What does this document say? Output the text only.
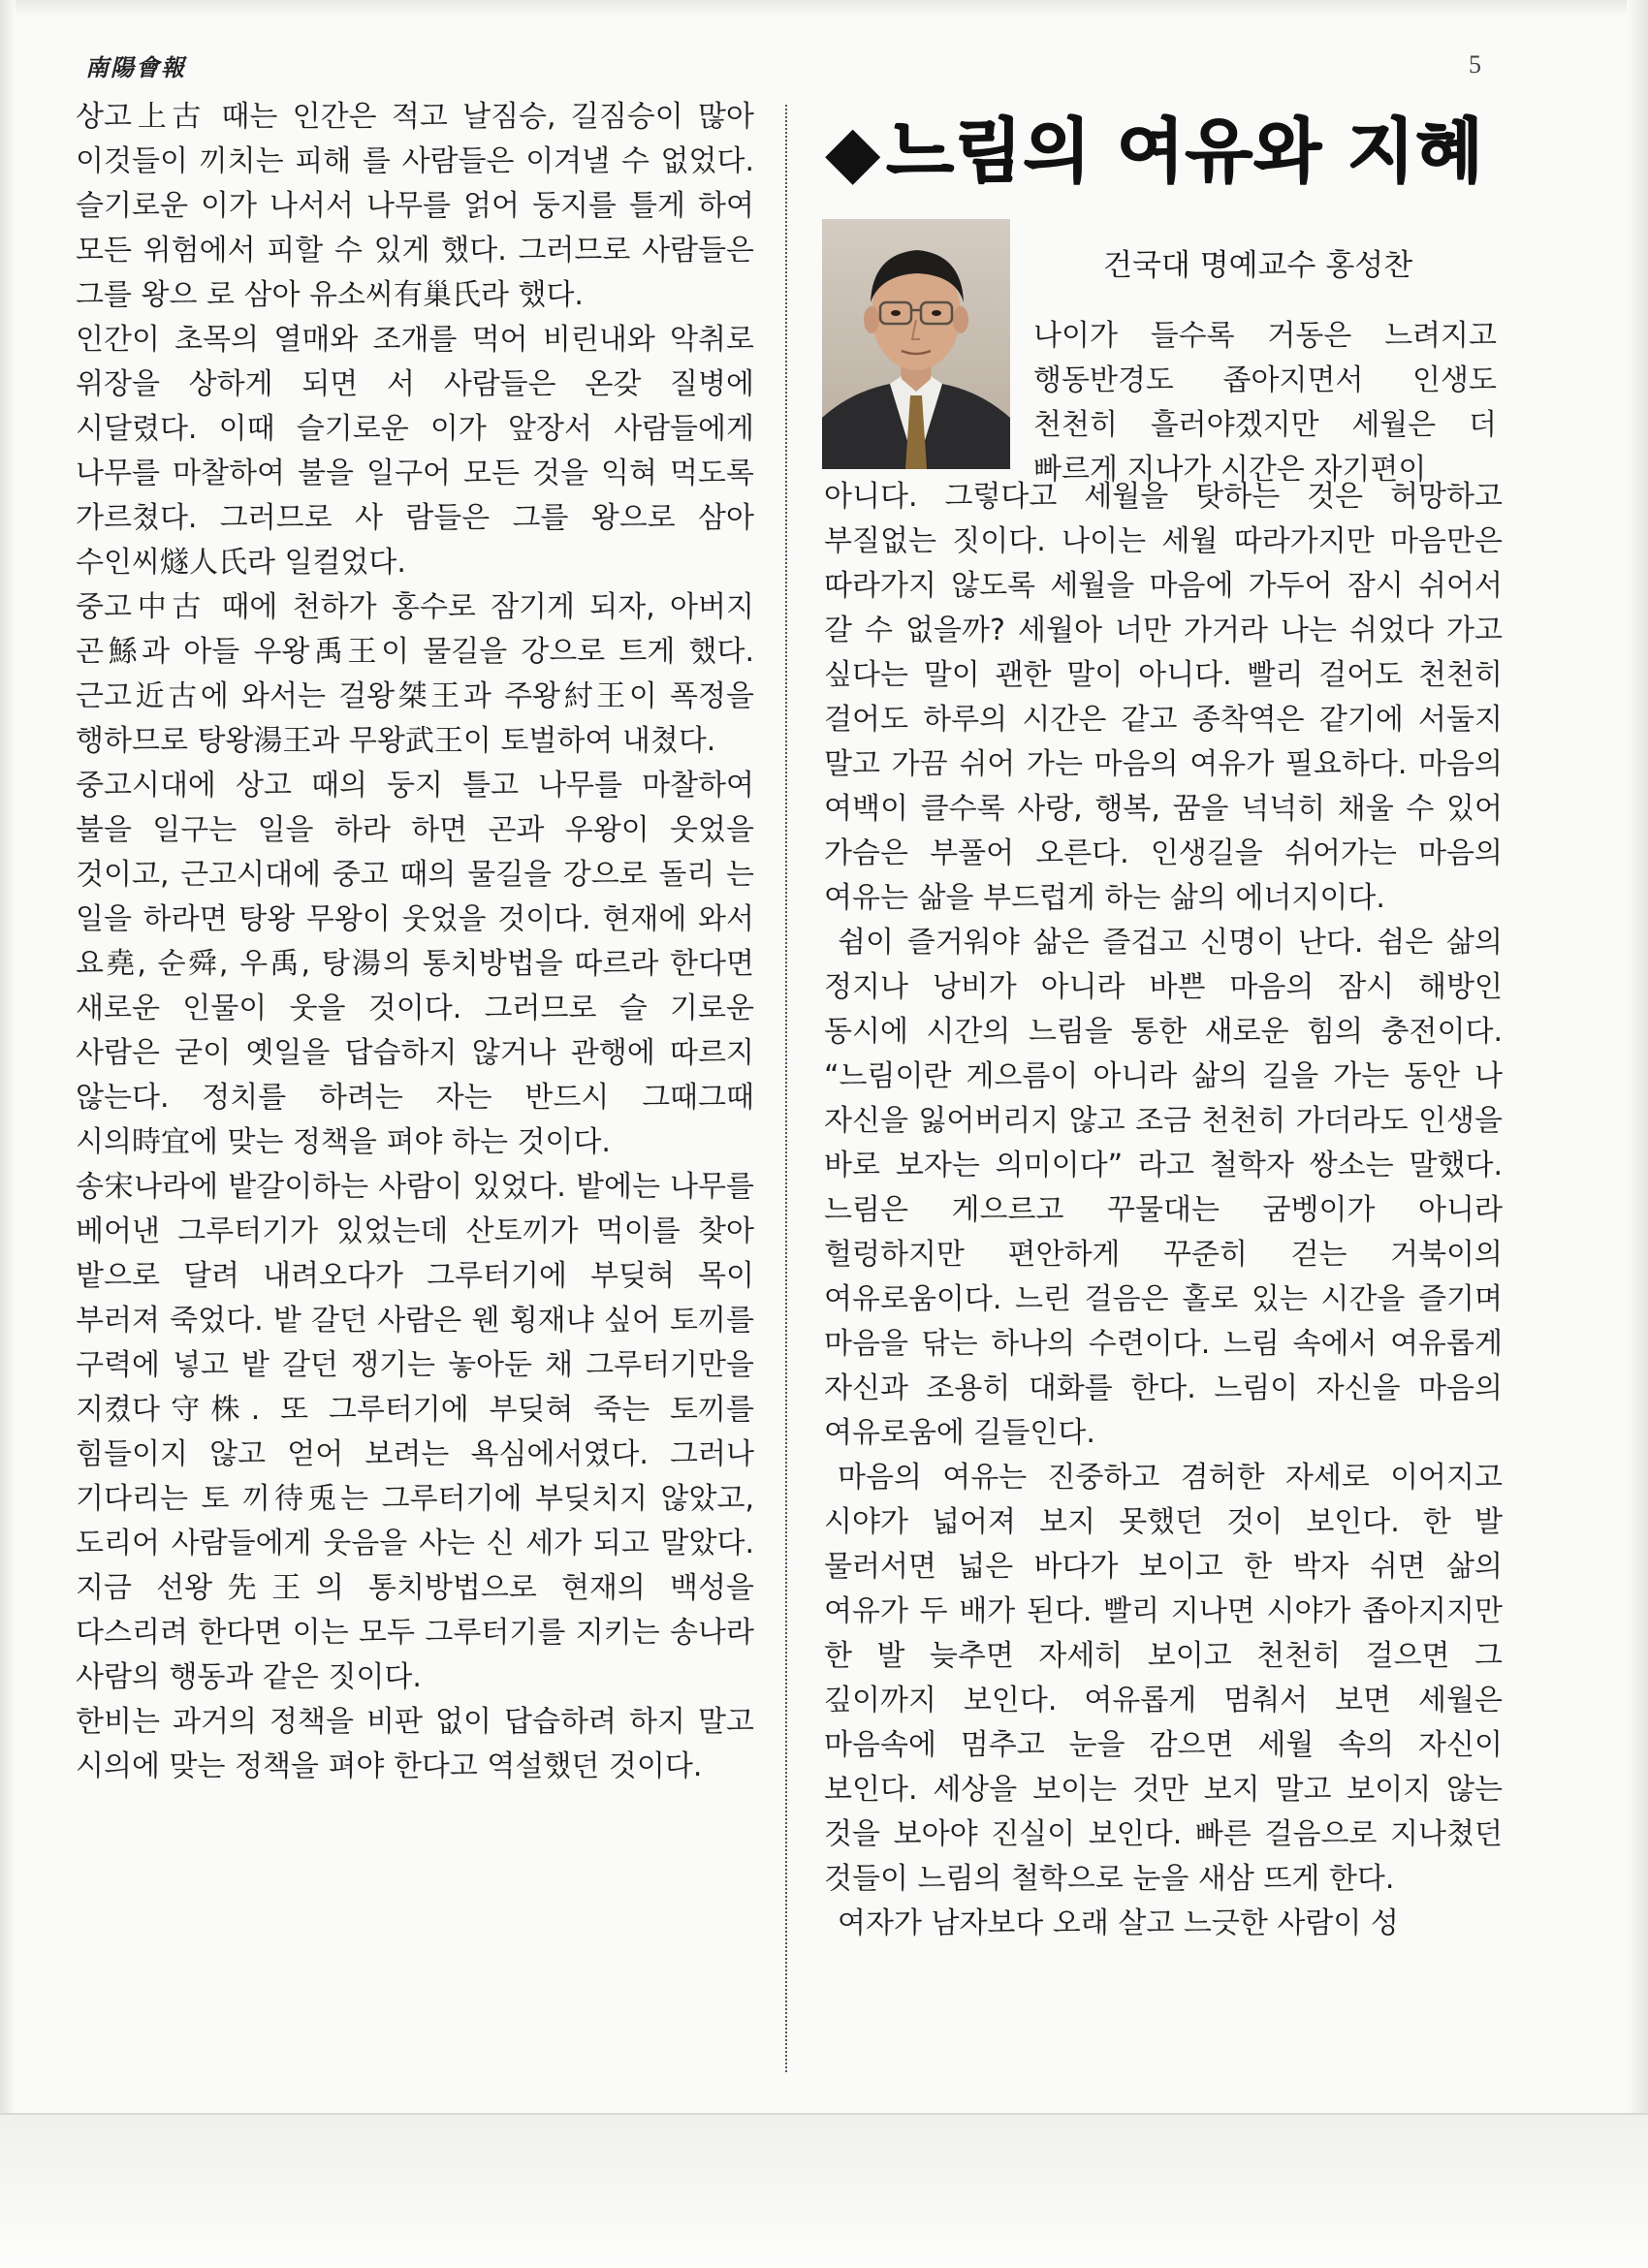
南陽會報	5

상고上古 때는 인간은 적고 날짐승, 길짐승이 많아 이것들이 끼치는 피해 를 사람들은 이겨낼 수 없었다. 슬기로운 이가 나서서 나무를 얽어 둥지를 틀게 하여 모든 위험에서 피할 수 있게 했다. 그러므로 사람들은 그를 왕으 로 삼아 유소씨有巢氏라 했다.

인간이 초목의 열매와 조개를 먹어 비린내와 악취로 위장을 상하게 되면 서 사람들은 온갖 질병에 시달렸다. 이때 슬기로운 이가 앞장서 사람들에게 나무를 마찰하여 불을 일구어 모든 것을 익혀 먹도록 가르쳤다. 그러므로 사 람들은 그를 왕으로 삼아 수인씨燧人氏라 일컬었다.

중고中古 때에 천하가 홍수로 잠기게 되자, 아버지 곤鯀과 아들 우왕禹王이 물길을 강으로 트게 했다. 근고近古에 와서는 걸왕桀王과 주왕紂王이 폭정을 행하므로 탕왕湯王과 무왕武王이 토벌하여 내쳤다.

중고시대에 상고 때의 둥지 틀고 나무를 마찰하여 불을 일구는 일을 하라 하면 곤과 우왕이 웃었을 것이고, 근고시대에 중고 때의 물길을 강으로 돌리 는 일을 하라면 탕왕 무왕이 웃었을 것이다. 현재에 와서 요堯, 순舜, 우禹, 탕湯의 통치방법을 따르라 한다면 새로운 인물이 웃을 것이다. 그러므로 슬 기로운 사람은 굳이 옛일을 답습하지 않거나 관행에 따르지 않는다. 정치를 하려는 자는 반드시 그때그때 시의時宜에 맞는 정책을 펴야 하는 것이다.

송宋나라에 밭갈이하는 사람이 있었다. 밭에는 나무를 베어낸 그루터기가 있었는데 산토끼가 먹이를 찾아 밭으로 달려 내려오다가 그루터기에 부딪혀 목이 부러져 죽었다. 밭 갈던 사람은 웬 횡재냐 싶어 토끼를 구력에 넣고 밭 갈던 쟁기는 놓아둔 채 그루터기만을 지켰다守株. 또 그루터기에 부딪혀 죽는 토끼를 힘들이지 않고 얻어 보려는 욕심에서였다. 그러나 기다리는 토 끼待兎는 그루터기에 부딪치지 않았고, 도리어 사람들에게 웃음을 사는 신 세가 되고 말았다. 지금 선왕先王의 통치방법으로 현재의 백성을 다스리려 한다면 이는 모두 그루터기를 지키는 송나라 사람의 행동과 같은 짓이다.

한비는 과거의 정책을 비판 없이 답습하려 하지 말고 시의에 맞는 정책을 펴야 한다고 역설했던 것이다.

◆느림의 여유와 지혜
건국대 명예교수 홍성찬

나이가 들수록 거동은 느려지고 행동반경도 좁아지면서 인생도 천천히 흘러야겠지만 세월은 더 빠르게 지나가 시간은 자기편이

아니다. 그렇다고 세월을 탓하는 것은 허망하고 부질없는 짓이다. 나이는 세월 따라가지만 마음만은 따라가지 않도록 세월을 마음에 가두어 잠시 쉬어서 갈 수 없을까? 세월아 너만 가거라 나는 쉬었다 가고 싶다는 말이 괜한 말이 아니다. 빨리 걸어도 천천히 걸어도 하루의 시간은 같고 종착역은 같기에 서둘지 말고 가끔 쉬어 가는 마음의 여유가 필요하다. 마음의 여백이 클수록 사랑, 행복, 꿈을 넉넉히 채울 수 있어 가슴은 부풀어 오른다. 인생길을 쉬어가는 마음의 여유는 삶을 부드럽게 하는 삶의 에너지이다.

쉼이 즐거워야 삶은 즐겁고 신명이 난다. 쉼은 삶의 정지나 낭비가 아니라 바쁜 마음의 잠시 해방인 동시에 시간의 느림을 통한 새로운 힘의 충전이다. “느림이란 게으름이 아니라 삶의 길을 가는 동안 나 자신을 잃어버리지 않고 조금 천천히 가더라도 인생을 바로 보자는 의미이다” 라고 철학자 쌍소는 말했다. 느림은 게으르고 꾸물대는 굼벵이가 아니라 헐렁하지만 편안하게 꾸준히 걷는 거북이의 여유로움이다. 느린 걸음은 홀로 있는 시간을 즐기며 마음을 닦는 하나의 수련이다. 느림 속에서 여유롭게 자신과 조용히 대화를 한다. 느림이 자신을 마음의 여유로움에 길들인다.

마음의 여유는 진중하고 겸허한 자세로 이어지고 시야가 넓어져 보지 못했던 것이 보인다. 한 발 물러서면 넓은 바다가 보이고 한 박자 쉬면 삶의 여유가 두 배가 된다. 빨리 지나면 시야가 좁아지지만 한 발 늦추면 자세히 보이고 천천히 걸으면 그 깊이까지 보인다. 여유롭게 멈춰서 보면 세월은 마음속에 멈추고 눈을 감으면 세월 속의 자신이 보인다. 세상을 보이는 것만 보지 말고 보이지 않는 것을 보아야 진실이 보인다. 빠른 걸음으로 지나쳤던 것들이 느림의 철학으로 눈을 새삼 뜨게 한다.

여자가 남자보다 오래 살고 느긋한 사람이 성
